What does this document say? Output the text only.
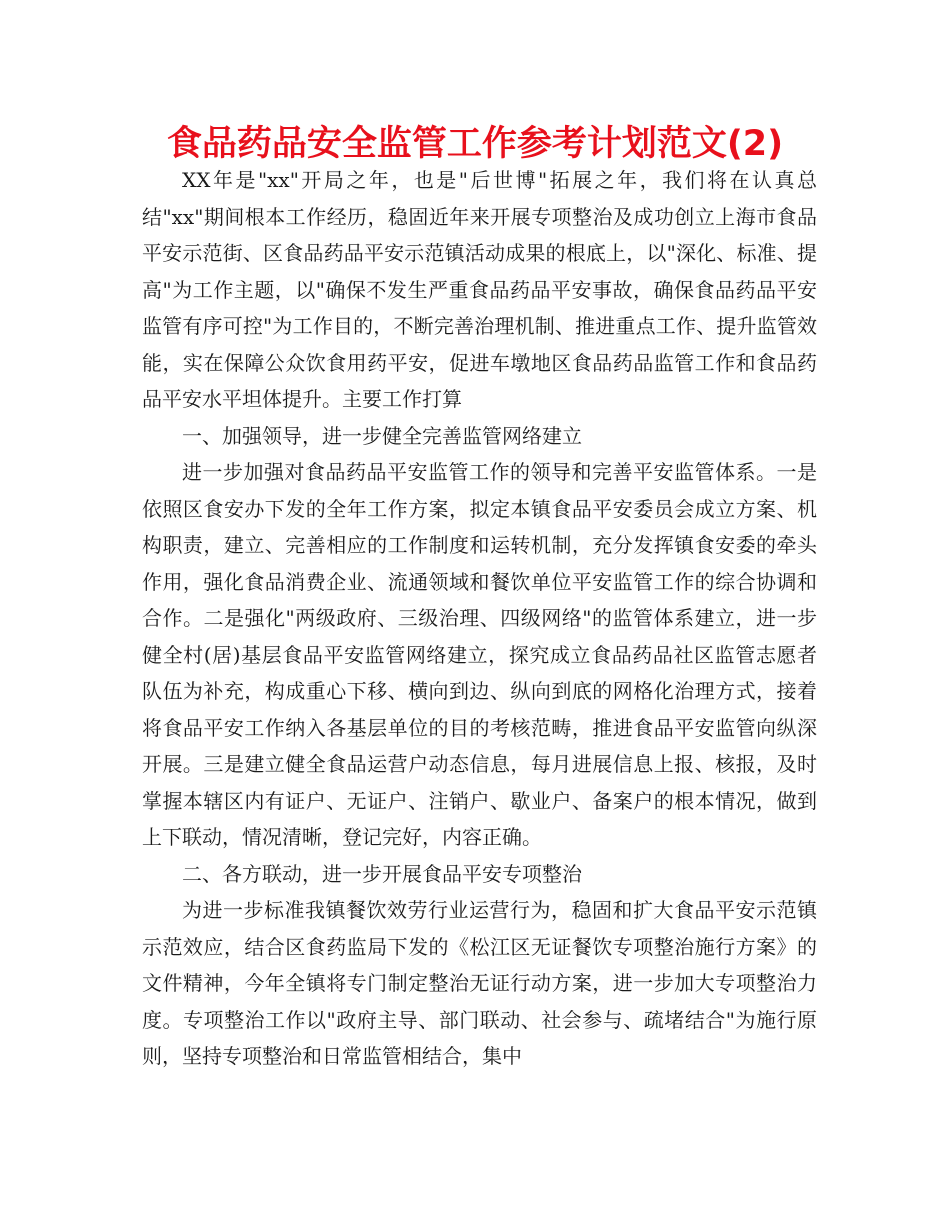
食品药品安全监管工作参考计划范文(2)

XX年是"xx"开局之年，也是"后世博"拓展之年，我们将在认真总结"xx"期间根本工作经历，稳固近年来开展专项整治及成功创立上海市食品平安示范街、区食品药品平安示范镇活动成果的根底上，以"深化、标准、提高"为工作主题，以"确保不发生严重食品药品平安事故，确保食品药品平安监管有序可控"为工作目的，不断完善治理机制、推进重点工作、提升监管效能，实在保障公众饮食用药平安，促进车墩地区食品药品监管工作和食品药品平安水平坦体提升。主要工作打算

一、加强领导，进一步健全完善监管网络建立

进一步加强对食品药品平安监管工作的领导和完善平安监管体系。一是依照区食安办下发的全年工作方案，拟定本镇食品平安委员会成立方案、机构职责，建立、完善相应的工作制度和运转机制，充分发挥镇食安委的牵头作用，强化食品消费企业、流通领域和餐饮单位平安监管工作的综合协调和合作。二是强化"两级政府、三级治理、四级网络"的监管体系建立，进一步健全村(居)基层食品平安监管网络建立，探究成立食品药品社区监管志愿者队伍为补充，构成重心下移、横向到边、纵向到底的网格化治理方式，接着将食品平安工作纳入各基层单位的目的考核范畴，推进食品平安监管向纵深开展。三是建立健全食品运营户动态信息，每月进展信息上报、核报，及时掌握本辖区内有证户、无证户、注销户、歇业户、备案户的根本情况，做到上下联动，情况清晰，登记完好，内容正确。

二、各方联动，进一步开展食品平安专项整治

为进一步标准我镇餐饮效劳行业运营行为，稳固和扩大食品平安示范镇示范效应，结合区食药监局下发的《松江区无证餐饮专项整治施行方案》的文件精神，今年全镇将专门制定整治无证行动方案，进一步加大专项整治力度。专项整治工作以"政府主导、部门联动、社会参与、疏堵结合"为施行原则，坚持专项整治和日常监管相结合，集中
